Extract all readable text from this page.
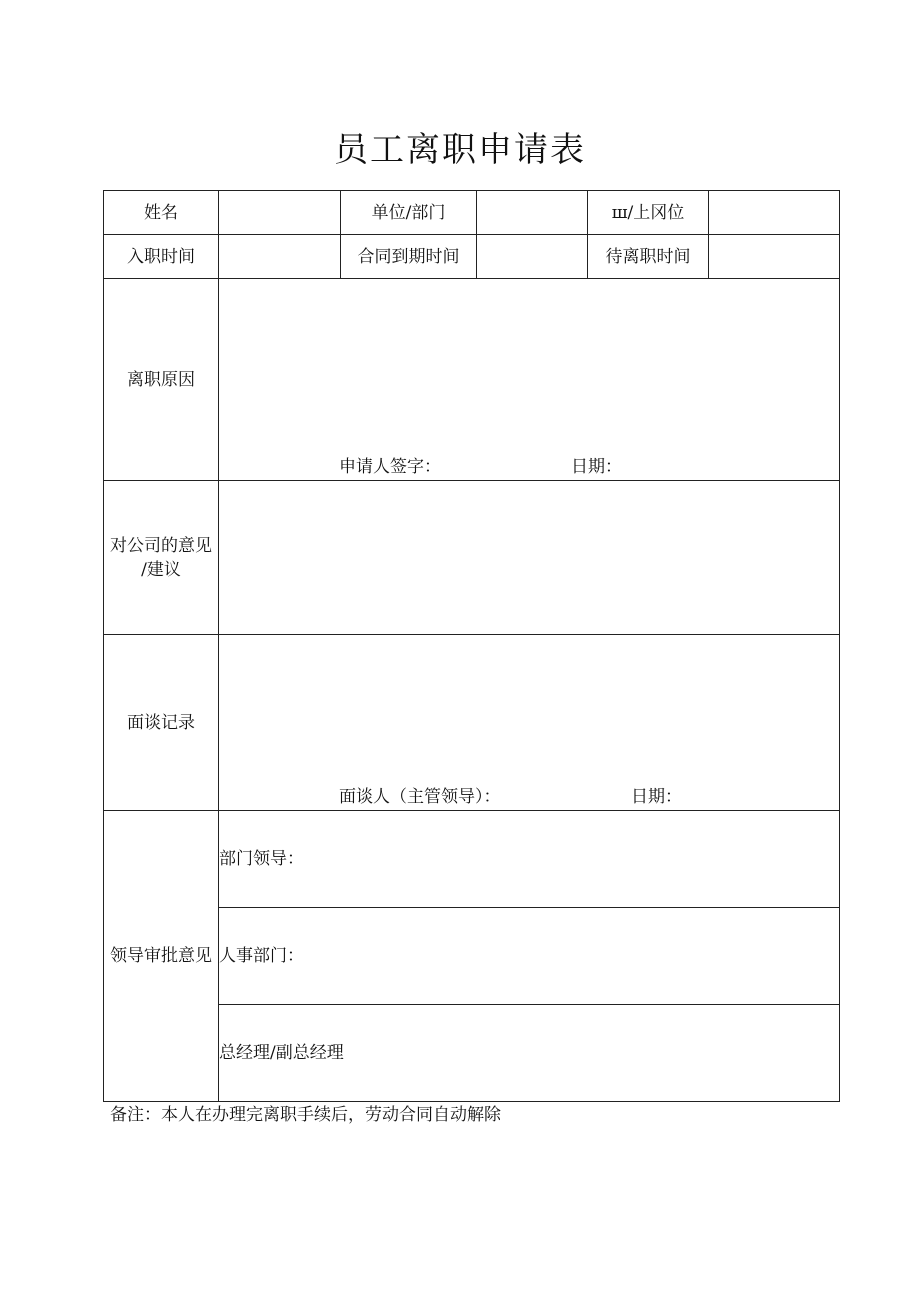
员工离职申请表
姓名		单位/部门		ш/上冈位	
入职时间		合同到期时间		待离职时间	
离职原因	申请人签字： 日期：				

对公司的意见
/建议					

面谈记录	面谈人（主管领导）： 日期：				

领导审批意见	部门领导：				
	人事部门：				
	总经理/副总经理				
备注：本人在办理完离职手续后，劳动合同自动解除
